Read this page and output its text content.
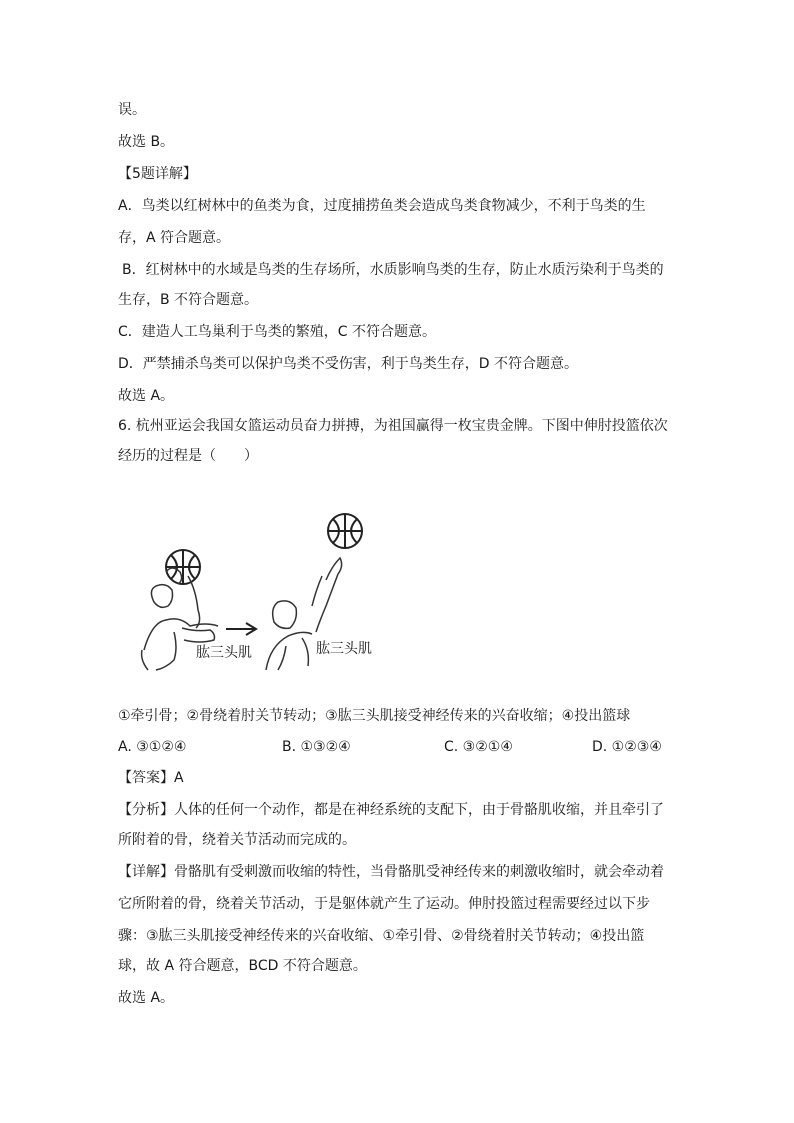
误。
故选 B。
【5题详解】
A．鸟类以红树林中的鱼类为食，过度捕捞鱼类会造成鸟类食物减少，不利于鸟类的生
存，A 符合题意。
B．红树林中的水域是鸟类的生存场所，水质影响鸟类的生存，防止水质污染利于鸟类的
生存，B 不符合题意。
C．建造人工鸟巢利于鸟类的繁殖，C 不符合题意。
D．严禁捕杀鸟类可以保护鸟类不受伤害，利于鸟类生存，D 不符合题意。
故选 A。
6. 杭州亚运会我国女篮运动员奋力拼搏，为祖国赢得一枚宝贵金牌。下图中伸肘投篮依次
经历的过程是（　　）
肱三头肌	肱三头肌
①牵引骨；②骨绕着肘关节转动；③肱三头肌接受神经传来的兴奋收缩；④投出篮球
A. ③①②④	B. ①③②④	C. ③②①④	D. ①②③④
【答案】A
【分析】人体的任何一个动作，都是在神经系统的支配下，由于骨骼肌收缩，并且牵引了
所附着的骨，绕着关节活动而完成的。
【详解】骨骼肌有受刺激而收缩的特性，当骨骼肌受神经传来的刺激收缩时，就会牵动着
它所附着的骨，绕着关节活动，于是躯体就产生了运动。伸肘投篮过程需要经过以下步
骤：③肱三头肌接受神经传来的兴奋收缩、①牵引骨、②骨绕着肘关节转动；④投出篮
球，故 A 符合题意，BCD 不符合题意。
故选 A。
